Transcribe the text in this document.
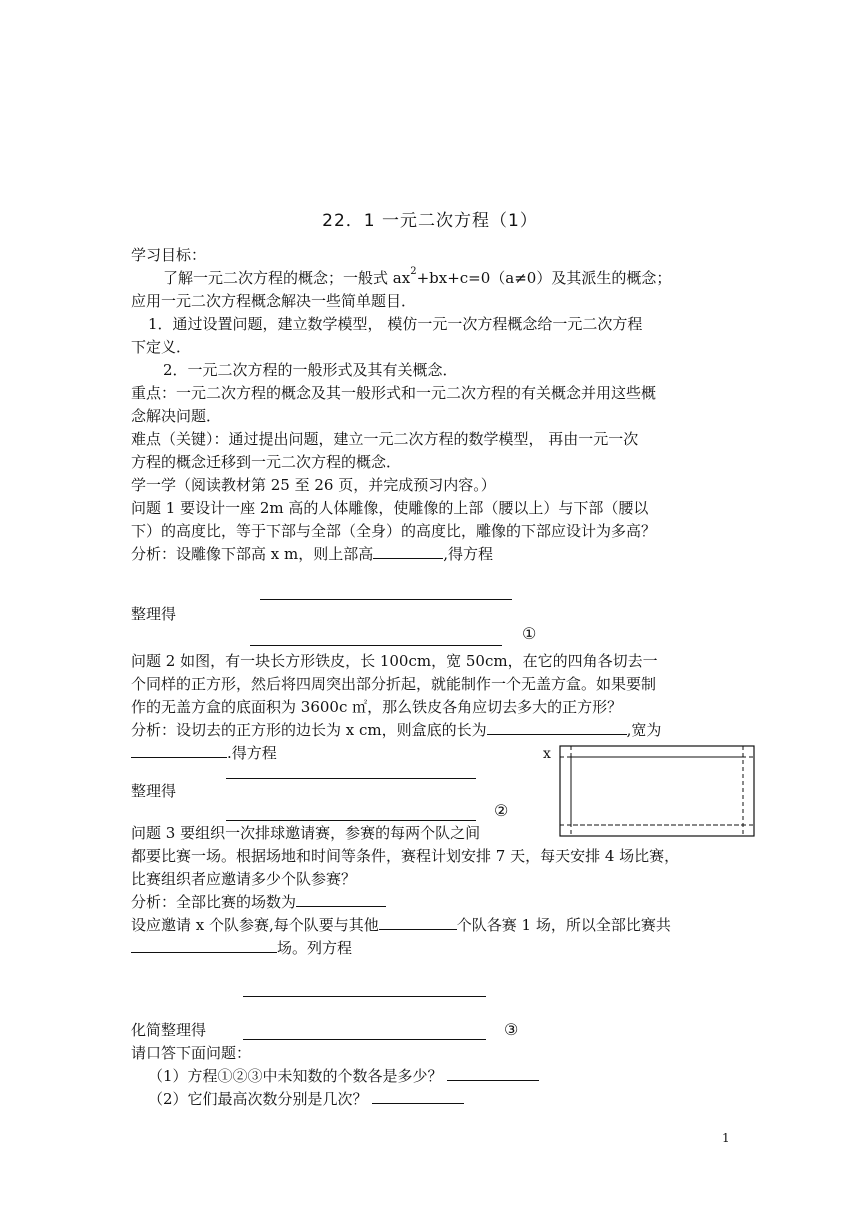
22．1 一元二次方程（1）
学习目标：
了解一元二次方程的概念；一般式 $ax^2+bx+c=0(a\ne 0)$及其派生的概念；
应用一元二次方程概念解决一些简单题目．
1．通过设置问题，建立数学模型， 模仿一元一次方程概念给一元二次方程
下定义．
2．一元二次方程的一般形式及其有关概念．
重点：一元二次方程的概念及其一般形式和一元二次方程的有关概念并用这些概
念解决问题．
难点（关键）：通过提出问题，建立一元二次方程的数学模型， 再由一元一次
方程的概念迁移到一元二次方程的概念．
学一学（阅读教材第 25 至 26 页，并完成预习内容。）
问题 1 要设计一座 2m 高的人体雕像，使雕像的上部（腰以上）与下部（腰以
下）的高度比，等于下部与全部（全身）的高度比，雕像的下部应设计为多高？
分析：设雕像下部高 x m，则上部高	,得方程
整理得
①
问题 2 如图，有一块长方形铁皮，长 100cm，宽 50cm，在它的四角各切去一
个同样的正方形，然后将四周突出部分折起，就能制作一个无盖方盒。如果要制
作的无盖方盒的底面积为 3600c ㎡，那么铁皮各角应切去多大的正方形？
分析：设切去的正方形的边长为 x cm，则盒底的长为	,宽为
.得方程
整理得
②
x
问题 3 要组织一次排球邀请赛，参赛的每两个队之间
都要比赛一场。根据场地和时间等条件，赛程计划安排 7 天，每天安排 4 场比赛，
比赛组织者应邀请多少个队参赛？
分析：全部比赛的场数为
设应邀请 x 个队参赛,每个队要与其他	个队各赛 1 场，所以全部比赛共
场。列方程
化简整理得	③
请口答下面问题：
（1）方程①②③中未知数的个数各是多少？
（2）它们最高次数分别是几次？
1
